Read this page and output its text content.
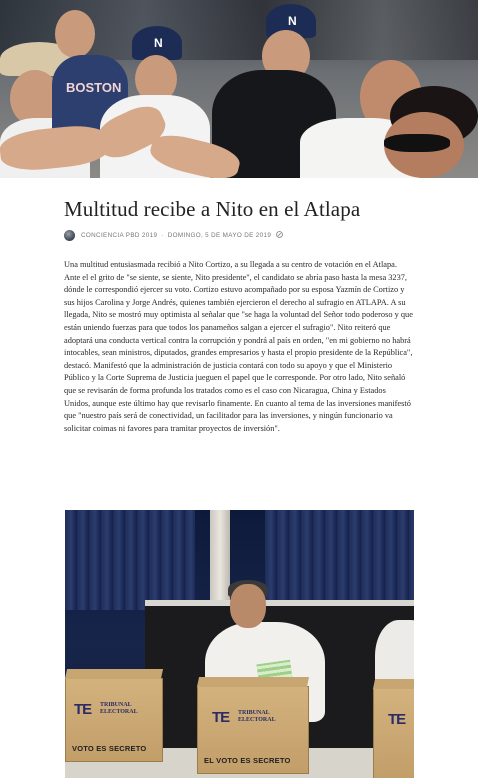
BOSTON
N
N
Multitud recibe a Nito en el Atlapa
CONCIENCIA PBD 2019 · DOMINGO, 5 DE MAYO DE 2019

Una multitud entusiasmada recibió a Nito Cortizo, a su llegada a su centro de votación en el Atlapa. Ante el el grito de "se siente, se siente, Nito presidente", el candidato se abría paso hasta la mesa 3237, dónde le correspondió ejercer su voto. Cortizo estuvo acompañado por su esposa Yazmín de Cortizo y sus hijos Carolina y Jorge Andrés, quienes también ejercieron el derecho al sufragio en ATLAPA. A su llegada, Nito se mostró muy optimista al señalar que "se haga la voluntad del Señor todo poderoso y que están uniendo fuerzas para que todos los panameños salgan a ejercer el sufragio". Nito reiteró que adoptará una conducta vertical contra la corrupción y pondrá al país en orden, "en mi gobierno no habrá intocables, sean ministros, diputados, grandes empresarios y hasta el propio presidente de la República", destacó. Manifestó que la administración de justicia contará con todo su apoyo y que el Ministerio Público y la Corte Suprema de Justicia jueguen el papel que le corresponde. Por otro lado, Nito señaló que se revisarán de forma profunda los tratados como es el caso con Nicaragua, China y Estados Unidos, aunque este último hay que revisarlo finamente. En cuanto al tema de las inversiones manifestó que "nuestro país será de conectividad, un facilitador para las inversiones, y ningún funcionario va solicitar coimas ni favores para tramitar proyectos de inversión".

TE TRIBUNAL ELECTORAL
VOTO ES SECRETO
TE TRIBUNAL ELECTORAL
EL VOTO ES SECRETO
TE
